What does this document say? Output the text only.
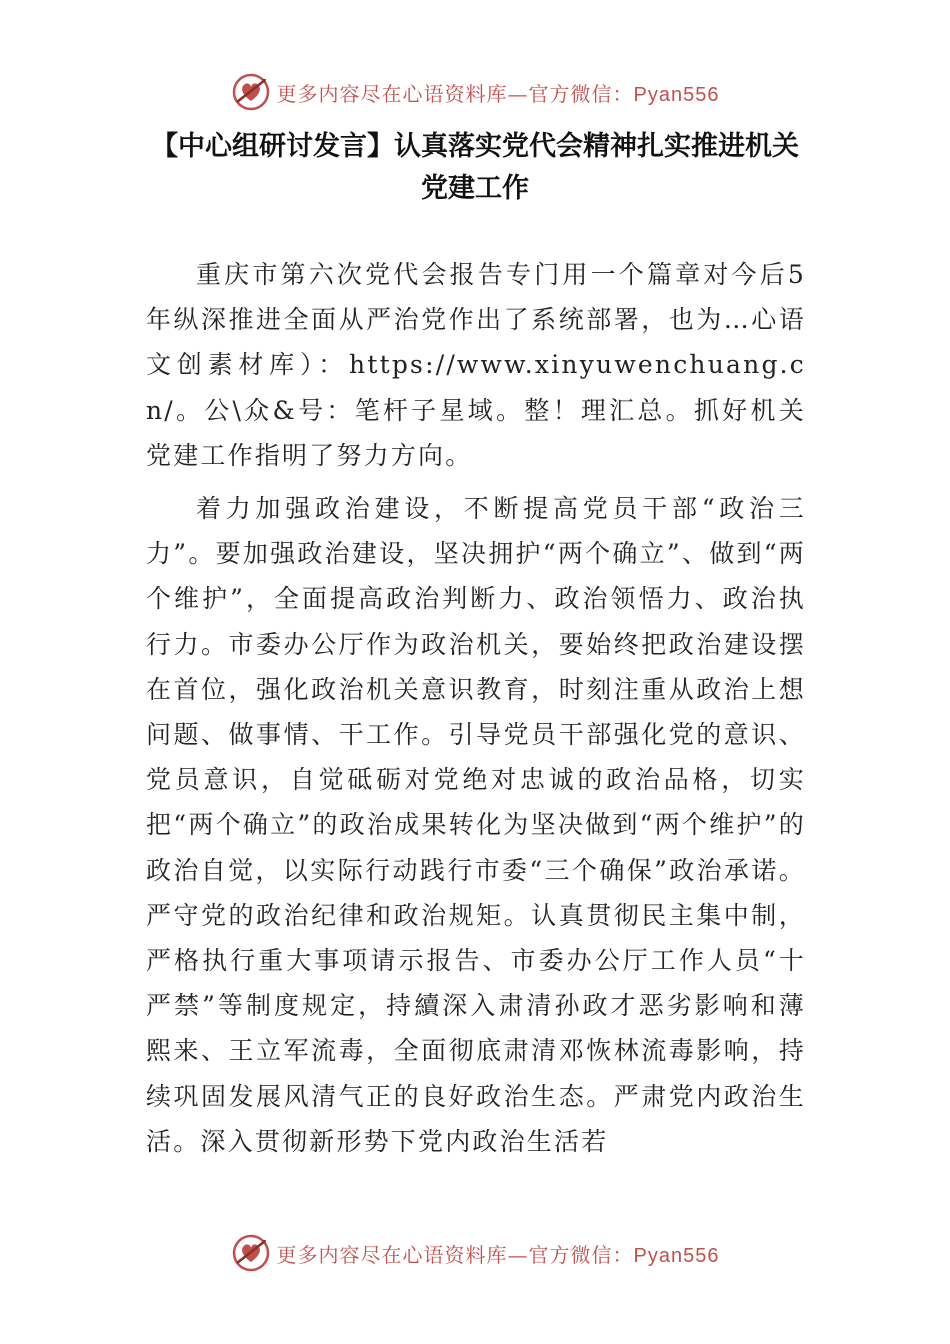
更多内容尽在心语资料库—官方微信：Pyan556
【中心组研讨发言】认真落实党代会精神扎实推进机关
党建工作

重庆市第六次党代会报告专门用一个篇章对今后5 年纵深推进全面从严治党作出了系统部署，也为…心语文创素材库）：https://www.xinyuwenchuang.cn/。公\众&号：笔杆子星域。整！理汇总。抓好机关党建工作指明了努力方向。

着力加强政治建设，不断提高党员干部“政治三力”。要加强政治建设，坚决拥护“两个确立”、做到“两个维护”，全面提高政治判断力、政治领悟力、政治执行力。市委办公厅作为政治机关，要始终把政治建设摆在首位，强化政治机关意识教育，时刻注重从政治上想问题、做事情、干工作。引导党员干部强化党的意识、党员意识，自觉砥砺对党绝对忠诚的政治品格，切实把“两个确立”的政治成果转化为坚决做到“两个维护”的政治自觉，以实际行动践行市委“三个确保”政治承诺。严守党的政治纪律和政治规矩。认真贯彻民主集中制，严格执行重大事项请示报告、市委办公厅工作人员“十严禁”等制度规定，持續深入肃清孙政才恶劣影响和薄熙来、王立军流毒，全面彻底肃清邓恢林流毒影响，持续巩固发展风清气正的良好政治生态。严肃党内政治生活。深入贯彻新形势下党内政治生活若

更多内容尽在心语资料库—官方微信：Pyan556
